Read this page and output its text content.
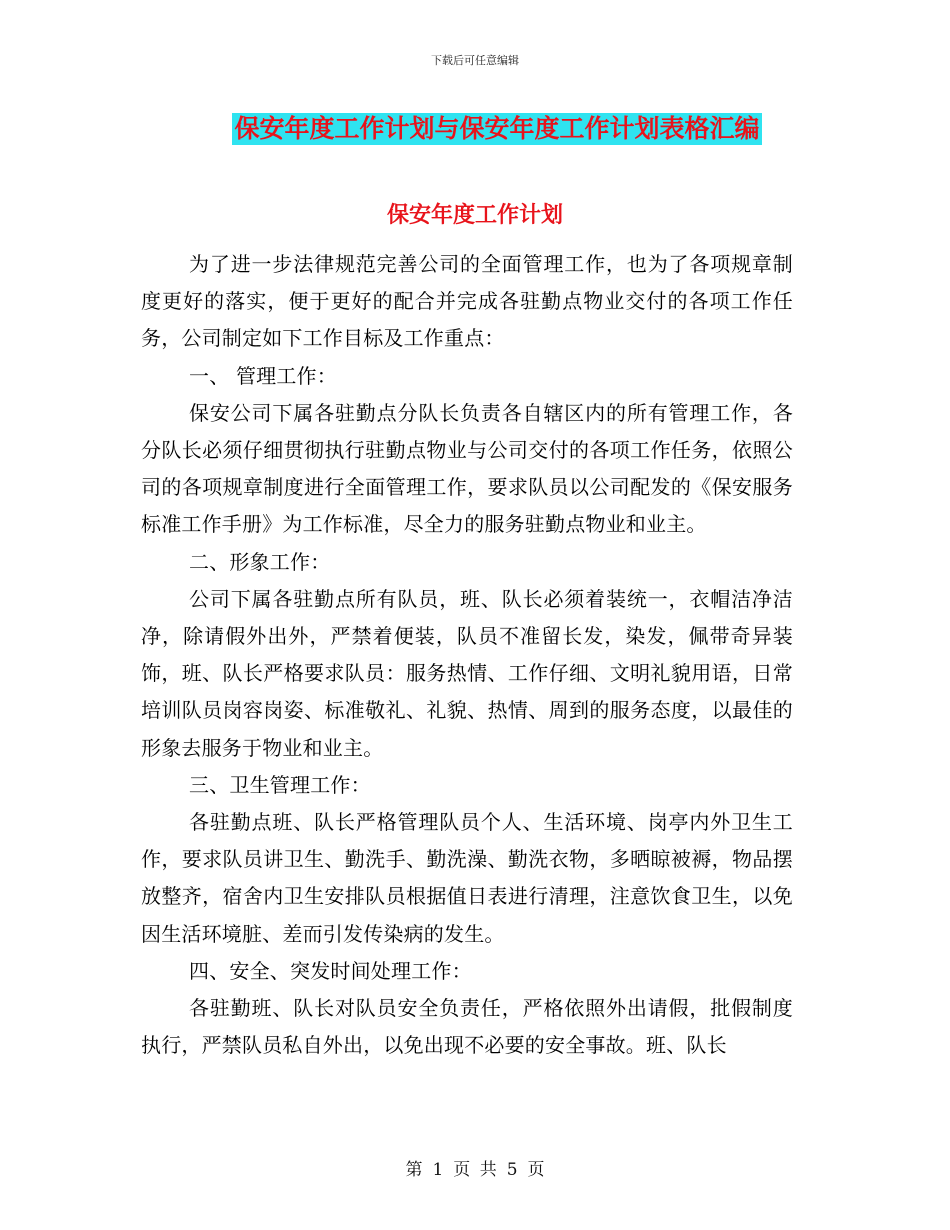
下载后可任意编辑
保安年度工作计划与保安年度工作计划表格汇编
保安年度工作计划

为了进一步法律规范完善公司的全面管理工作，也为了各项规章制度更好的落实，便于更好的配合并完成各驻勤点物业交付的各项工作任务，公司制定如下工作目标及工作重点：

一、 管理工作：

保安公司下属各驻勤点分队长负责各自辖区内的所有管理工作，各分队长必须仔细贯彻执行驻勤点物业与公司交付的各项工作任务，依照公司的各项规章制度进行全面管理工作，要求队员以公司配发的《保安服务标准工作手册》为工作标准，尽全力的服务驻勤点物业和业主。

二、形象工作：

公司下属各驻勤点所有队员，班、队长必须着装统一，衣帽洁净洁净，除请假外出外，严禁着便装，队员不准留长发，染发，佩带奇异装饰，班、队长严格要求队员：服务热情、工作仔细、文明礼貌用语，日常培训队员岗容岗姿、标准敬礼、礼貌、热情、周到的服务态度，以最佳的形象去服务于物业和业主。

三、卫生管理工作：

各驻勤点班、队长严格管理队员个人、生活环境、岗亭内外卫生工作，要求队员讲卫生、勤洗手、勤洗澡、勤洗衣物，多晒晾被褥，物品摆放整齐，宿舍内卫生安排队员根据值日表进行清理，注意饮食卫生，以免因生活环境脏、差而引发传染病的发生。

四、安全、突发时间处理工作：

各驻勤班、队长对队员安全负责任，严格依照外出请假，批假制度执行，严禁队员私自外出，以免出现不必要的安全事故。班、队长

第 1 页 共 5 页
